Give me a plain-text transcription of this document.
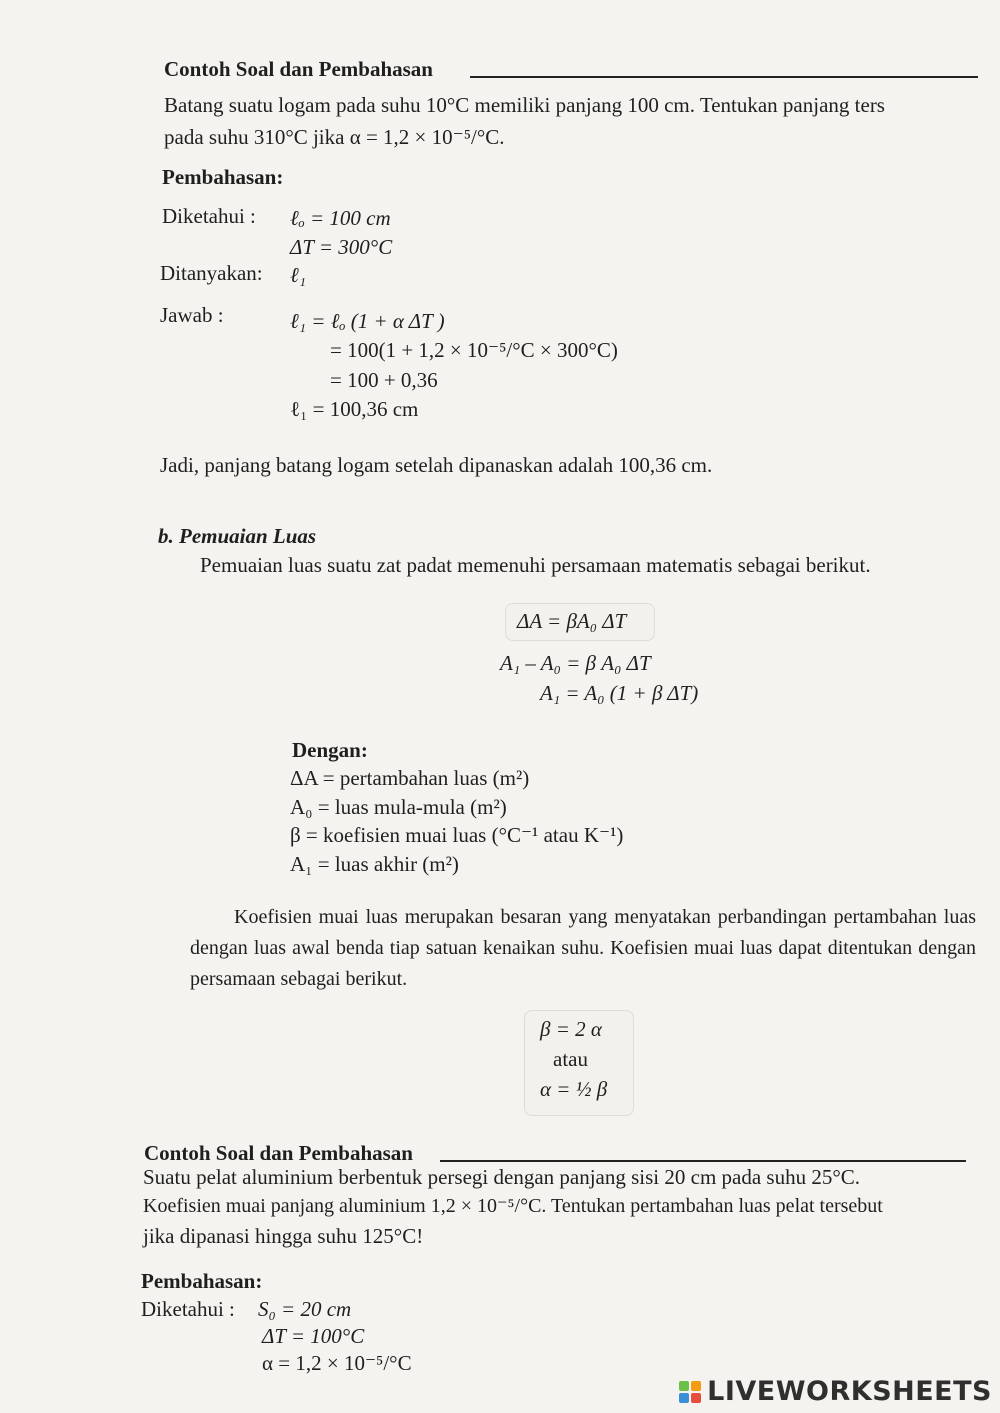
Contoh Soal dan Pembahasan
Batang suatu logam pada suhu 10°C memiliki panjang 100 cm. Tentukan panjang ters
pada suhu 310°C jika α = 1,2 × 10⁻⁵/°C.
Pembahasan:
Diketahui : ℓₒ = 100 cm
ΔT = 300°C
Ditanyakan: ℓ₁
Jawab :	ℓ₁ = ℓₒ (1 + α ΔT )
= 100(1 + 1,2 × 10⁻⁵/°C × 300°C)
= 100 + 0,36
ℓ₁ = 100,36 cm
Jadi, panjang batang logam setelah dipanaskan adalah 100,36 cm.
b. Pemuaian Luas
Pemuaian luas suatu zat padat memenuhi persamaan matematis sebagai berikut.
ΔA = βA₀ ΔT
A₁ – A₀ = β A₀ ΔT
A₁ = A₀ (1 + β ΔT)
Dengan:
ΔA = pertambahan luas (m²)
A₀ = luas mula-mula (m²)
β = koefisien muai luas (°C⁻¹ atau K⁻¹)
A₁ = luas akhir (m²)
Koefisien muai luas merupakan besaran yang menyatakan perbandingan pertambahan luas dengan luas awal benda tiap satuan kenaikan suhu. Koefisien muai luas dapat ditentukan dengan persamaan sebagai berikut.
β = 2 α
atau
α = ½ β
Contoh Soal dan Pembahasan
Suatu pelat aluminium berbentuk persegi dengan panjang sisi 20 cm pada suhu 25°C.
Koefisien muai panjang aluminium 1,2 × 10⁻⁵/°C. Tentukan pertambahan luas pelat tersebut
jika dipanasi hingga suhu 125°C!
Pembahasan:
Diketahui : S₀ = 20 cm
ΔT = 100°C
α = 1,2 × 10⁻⁵/°C
LIVEWORKSHEETS
